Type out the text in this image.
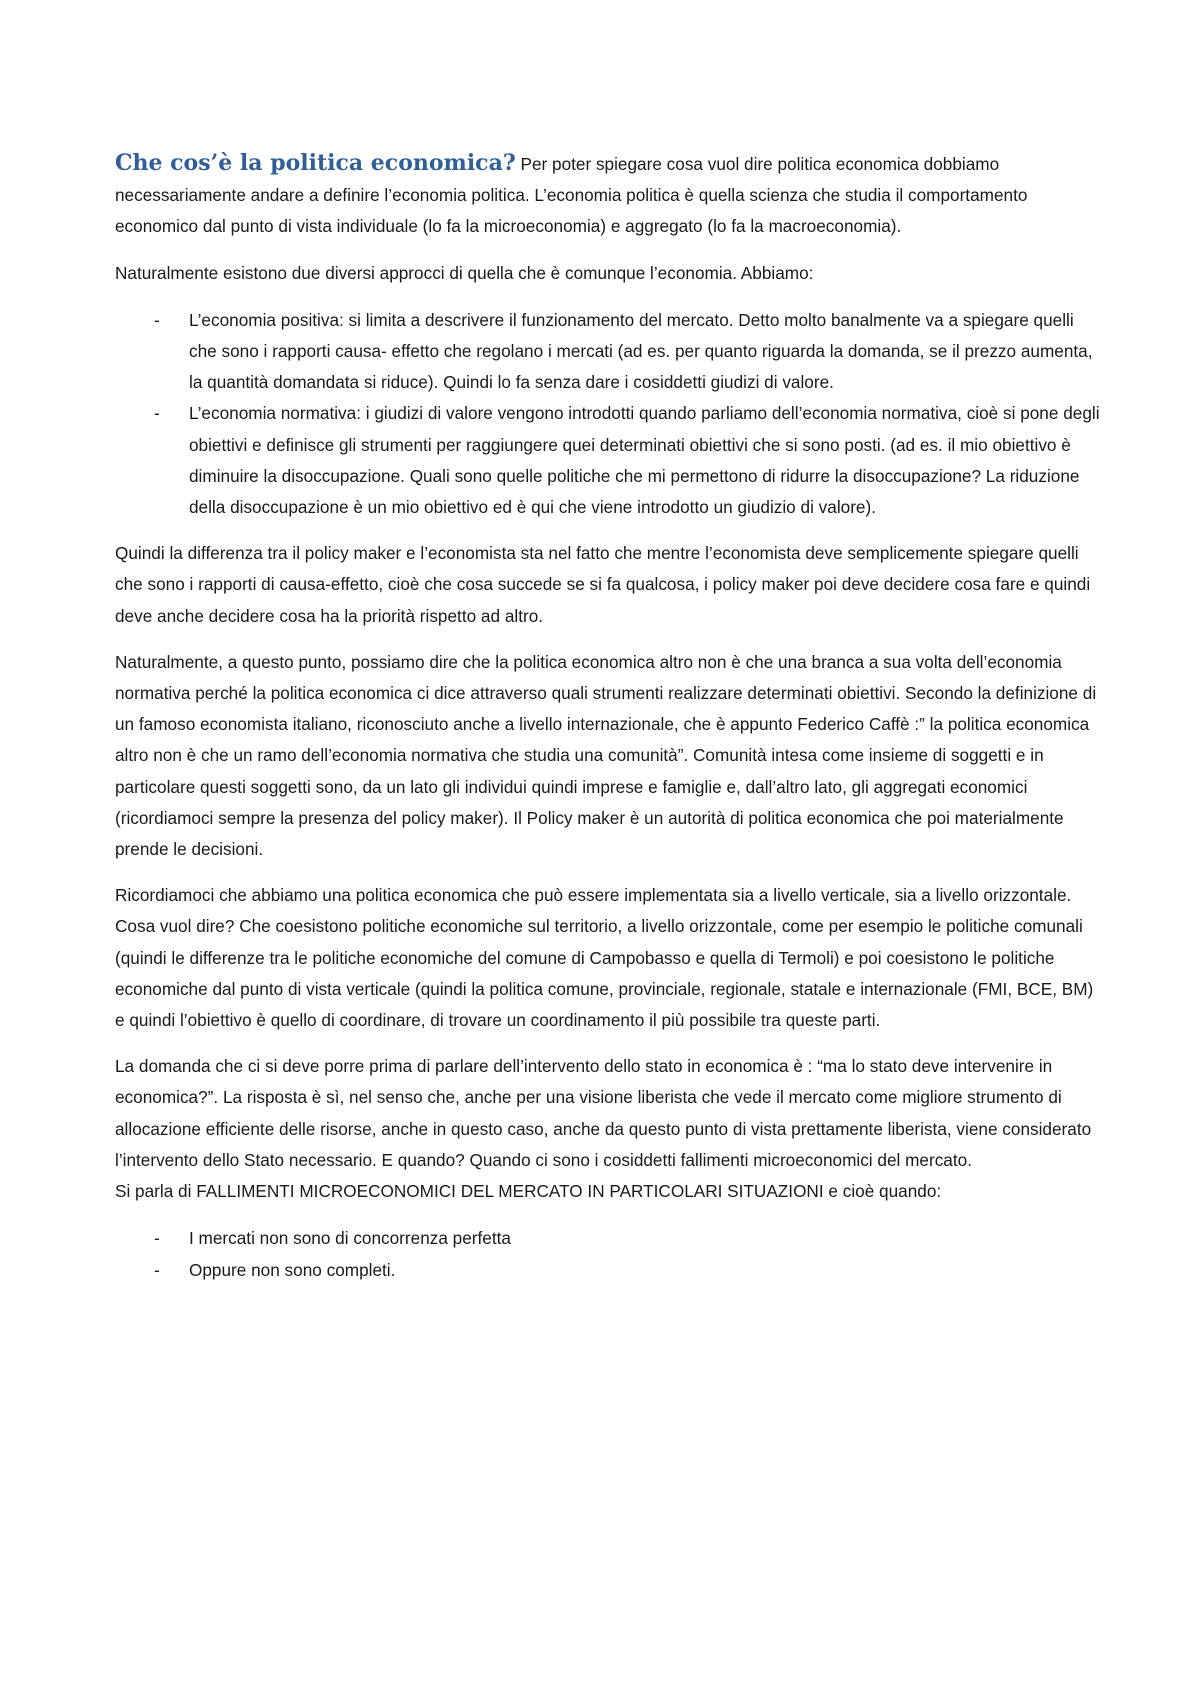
Che cos’è la politica economica? Per poter spiegare cosa vuol dire politica economica dobbiamo necessariamente andare a definire l’economia politica. L’economia politica è quella scienza che studia il comportamento economico dal punto di vista individuale (lo fa la microeconomia) e aggregato (lo fa la macroeconomia).

Naturalmente esistono due diversi approcci di quella che è comunque l’economia. Abbiamo:

- L’economia positiva: si limita a descrivere il funzionamento del mercato. Detto molto banalmente va a spiegare quelli che sono i rapporti causa- effetto che regolano i mercati (ad es. per quanto riguarda la domanda, se il prezzo aumenta, la quantità domandata si riduce). Quindi lo fa senza dare i cosiddetti giudizi di valore.
- L’economia normativa: i giudizi di valore vengono introdotti quando parliamo dell’economia normativa, cioè si pone degli obiettivi e definisce gli strumenti per raggiungere quei determinati obiettivi che si sono posti. (ad es. il mio obiettivo è diminuire la disoccupazione. Quali sono quelle politiche che mi permettono di ridurre la disoccupazione? La riduzione della disoccupazione è un mio obiettivo ed è qui che viene introdotto un giudizio di valore).

Quindi la differenza tra il policy maker e l’economista sta nel fatto che mentre l’economista deve semplicemente spiegare quelli che sono i rapporti di causa-effetto, cioè che cosa succede se si fa qualcosa, i policy maker poi deve decidere cosa fare e quindi deve anche decidere cosa ha la priorità rispetto ad altro.

Naturalmente, a questo punto, possiamo dire che la politica economica altro non è che una branca a sua volta dell’economia normativa perché la politica economica ci dice attraverso quali strumenti realizzare determinati obiettivi. Secondo la definizione di un famoso economista italiano, riconosciuto anche a livello internazionale, che è appunto Federico Caffè :” la politica economica altro non è che un ramo dell’economia normativa che studia una comunità”. Comunità intesa come insieme di soggetti e in particolare questi soggetti sono, da un lato gli individui quindi imprese e famiglie e, dall’altro lato, gli aggregati economici (ricordiamoci sempre la presenza del policy maker). Il Policy maker è un autorità di politica economica che poi materialmente prende le decisioni.

Ricordiamoci che abbiamo una politica economica che può essere implementata sia a livello verticale, sia a livello orizzontale. Cosa vuol dire? Che coesistono politiche economiche sul territorio, a livello orizzontale, come per esempio le politiche comunali (quindi le differenze tra le politiche economiche del comune di Campobasso e quella di Termoli) e poi coesistono le politiche economiche dal punto di vista verticale (quindi la politica comune, provinciale, regionale, statale e internazionale (FMI, BCE, BM) e quindi l’obiettivo è quello di coordinare, di trovare un coordinamento il più possibile tra queste parti.

La domanda che ci si deve porre prima di parlare dell’intervento dello stato in economica è : “ma lo stato deve intervenire in economica?”. La risposta è sì, nel senso che, anche per una visione liberista che vede il mercato come migliore strumento di allocazione efficiente delle risorse, anche in questo caso, anche da questo punto di vista prettamente liberista, viene considerato l’intervento dello Stato necessario. E quando? Quando ci sono i cosiddetti fallimenti microeconomici del mercato.

Si parla di FALLIMENTI MICROECONOMICI DEL MERCATO IN PARTICOLARI SITUAZIONI e cioè quando:

- I mercati non sono di concorrenza perfetta
- Oppure non sono completi.
